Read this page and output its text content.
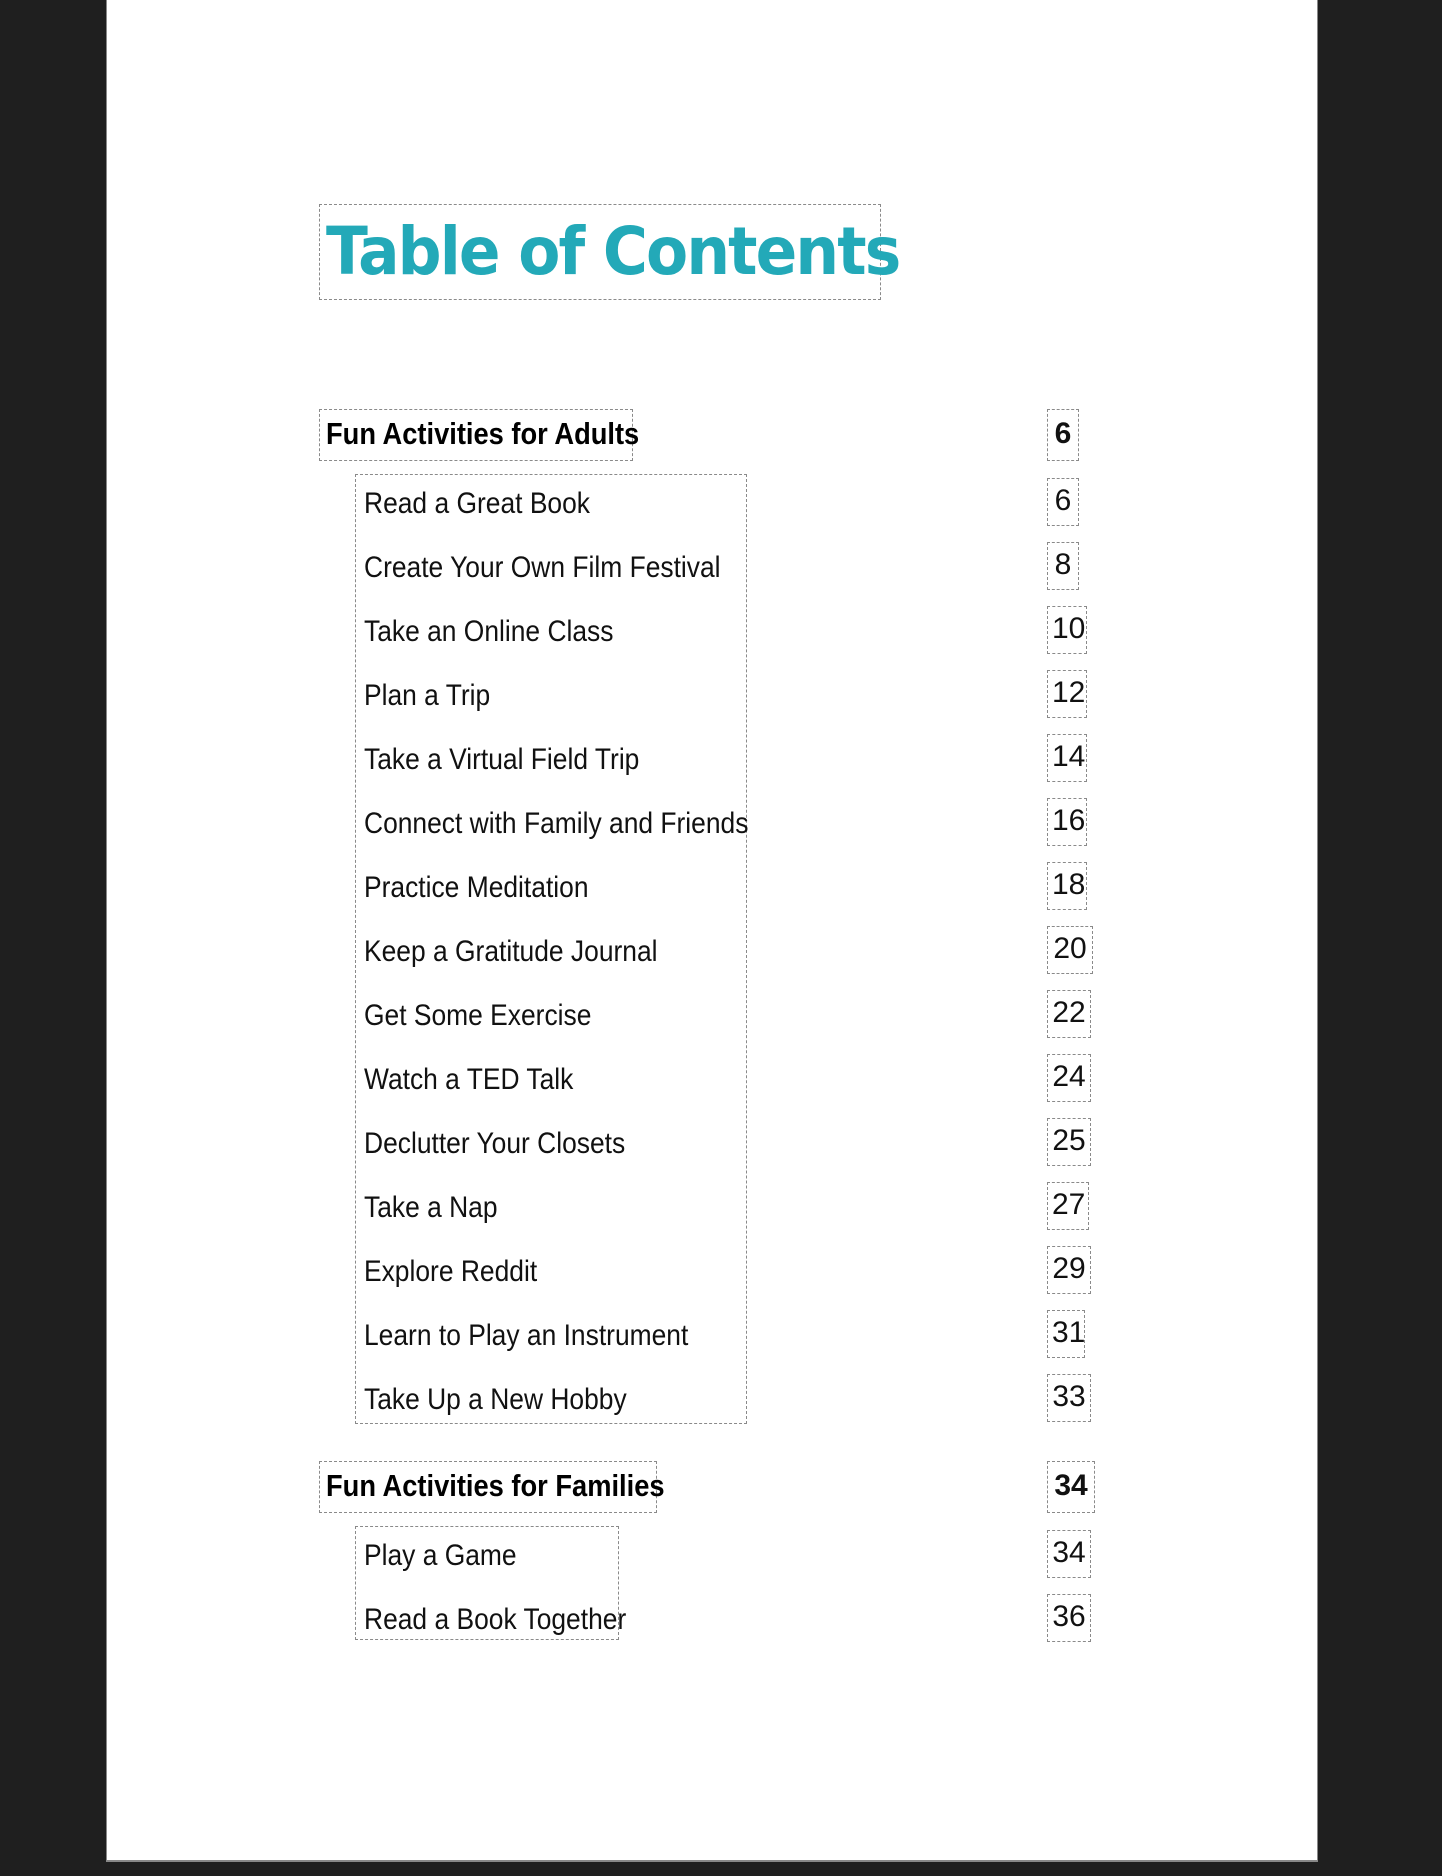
Table of Contents
Fun Activities for Adults	6
Read a Great Book
Create Your Own Film Festival
Take an Online Class
Plan a Trip
Take a Virtual Field Trip
Connect with Family and Friends
Practice Meditation
Keep a Gratitude Journal
Get Some Exercise
Watch a TED Talk
Declutter Your Closets
Take a Nap
Explore Reddit
Learn to Play an Instrument
Take Up a New Hobby
6
8
10
12
14
16
18
20
22
24
25
27
29
31
33
Fun Activities for Families	34
Play a Game
Read a Book Together
34
36
